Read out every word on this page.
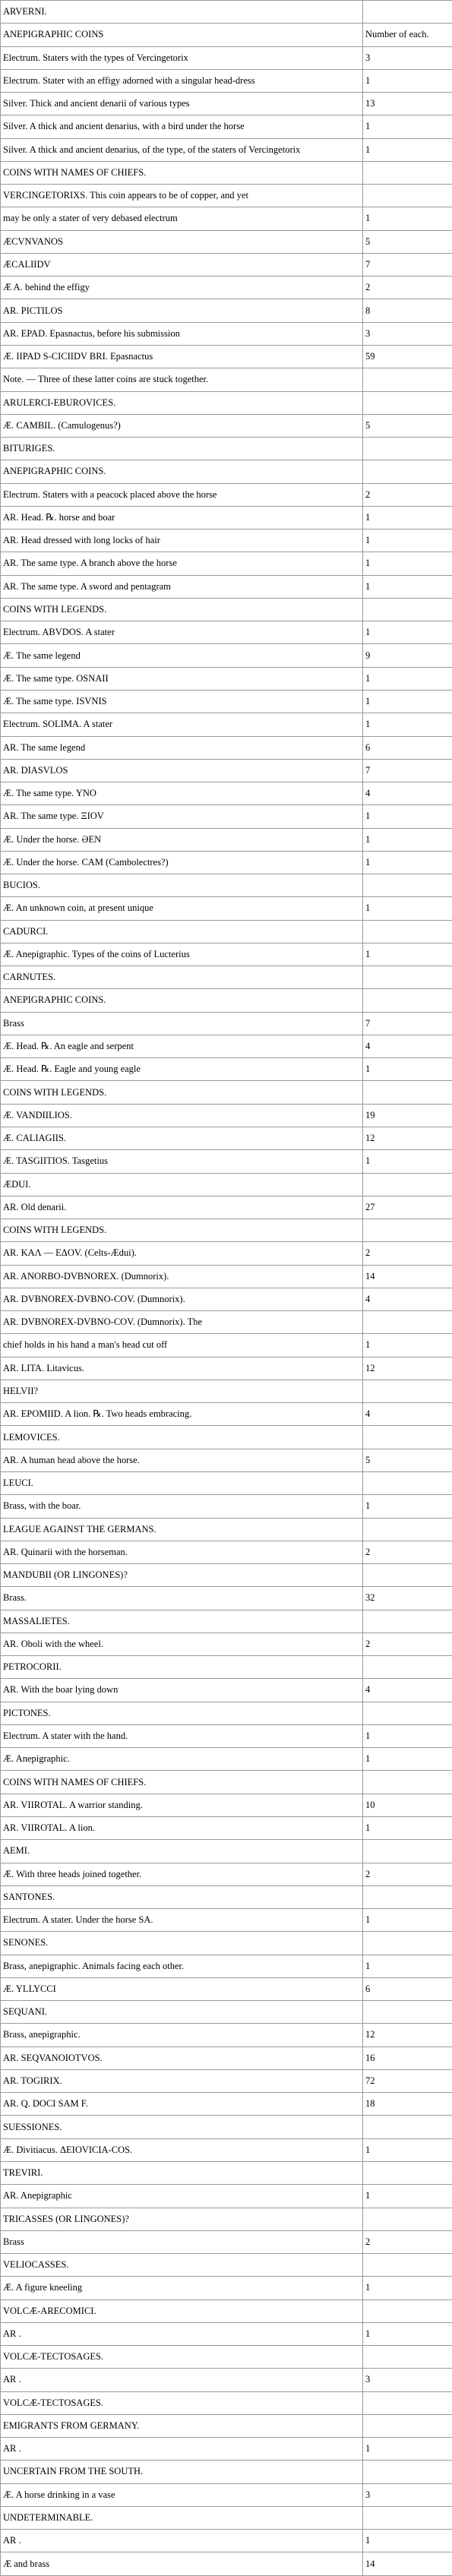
ARVERNI.	
ANEPIGRAPHIC COINS	Number of each.
Electrum. Staters with the types of Vercingetorix	3
Electrum. Stater with an effigy adorned with a singular head-dress	1
Silver. Thick and ancient denarii of various types	13
Silver. A thick and ancient denarius, with a bird under the horse	1
Silver. A thick and ancient denarius, of the type, of the staters of Vercingetorix	1
COINS WITH NAMES OF CHIEFS.	
VERCINGETORIXS. This coin appears to be of copper, and yet	
may be only a stater of very debased electrum	1
ÆCVNVANOS	5
ÆCALIIDV	7
Æ A. behind the effigy	2
AR. PICTILOS	8
AR. EPAD. Epasnactus, before his submission	3
Æ. IIPAD S-CICIIDV BRI. Epasnactus	59
Note. — Three of these latter coins are stuck together.	
ARULERCI-EBUROVICES.	
Æ. CAMBIL. (Camulogenus?)	5
BITURIGES.	
ANEPIGRAPHIC COINS.	
Electrum. Staters with a peacock placed above the horse	2
AR. Head. ℞. horse and boar	1
AR. Head dressed with long locks of hair	1
AR. The same type. A branch above the horse	1
AR. The same type. A sword and pentagram	1
COINS WITH LEGENDS.	
Electrum. ABVDOS. A stater	1
Æ. The same legend	9
Æ. The same type. OSNAII	1
Æ. The same type. ISVNIS	1
Electrum. SOLIMA. A stater	1
AR. The same legend	6
AR. DIASVLOS	7
Æ. The same type. YNO	4
AR. The same type. ΞIOV	1
Æ. Under the horse. ƏEN	1
Æ. Under the horse. CAM (Cambolectres?)	1
BUCIOS.	
Æ. An unknown coin, at present unique	1
CADURCI.	
Æ. Anepigraphic. Types of the coins of Lucterius	1
CARNUTES.	
ANEPIGRAPHIC COINS.	
Brass	7
Æ. Head. ℞. An eagle and serpent	4
Æ. Head. ℞. Eagle and young eagle	1
COINS WITH LEGENDS.	
Æ. VANDIILIOS.	19
Æ. CALIAGIIS.	12
Æ. TASGIITIOS. Tasgetius	1
ÆDUI.	
AR. Old denarii.	27
COINS WITH LEGENDS.	
AR. KAΛ — EΔOV. (Celts-Ædui).	2
AR. ANORBO-DVBNOREX. (Dumnorix).	14
AR. DVBNOREX-DVBNO-COV. (Dumnorix).	4
AR. DVBNOREX-DVBNO-COV. (Dumnorix). The	
chief holds in his hand a man's head cut off	1
AR. LITA. Litavicus.	12
HELVII?	
AR. EPOMIID. A lion. ℞. Two heads embracing.	4
LEMOVICES.	
AR. A human head above the horse.	5
LEUCI.	
Brass, with the boar.	1
LEAGUE AGAINST THE GERMANS.	
AR. Quinarii with the horseman.	2
MANDUBII (OR LINGONES)?	
Brass.	32
MASSALIETES.	
AR. Oboli with the wheel.	2
PETROCORII.	
AR. With the boar lying down	4
PICTONES.	
Electrum. A stater with the hand.	1
Æ. Anepigraphic.	1
COINS WITH NAMES OF CHIEFS.	
AR. VIIROTAL. A warrior standing.	10
AR. VIIROTAL. A lion.	1
AEMI.	
Æ. With three heads joined together.	2
SANTONES.	
Electrum. A stater. Under the horse SA.	1
SENONES.	
Brass, anepigraphic. Animals facing each other.	1
Æ. YLLYCCI	6
SEQUANI.	
Brass, anepigraphic.	12
AR. SEQVANOIOTVOS.	16
AR. TOGIRIX.	72
AR. Q. DOCI SAM F.	18
SUESSIONES.	
Æ. Divitiacus. ΔEIOVICIA-COS.	1
TREVIRI.	
AR. Anepigraphic	1
TRICASSES (OR LINGONES)?	
Brass	2
VELIOCASSES.	
Æ. A figure kneeling	1
VOLCÆ-ARECOMICI.	
AR .	1
VOLCÆ-TECTOSAGES.	
AR .	3
VOLCÆ-TECTOSAGES.	
EMIGRANTS FROM GERMANY.	
AR .	1
UNCERTAIN FROM THE SOUTH.	
Æ. A horse drinking in a vase	3
UNDETERMINABLE.	
AR .	1
Æ and brass	14
